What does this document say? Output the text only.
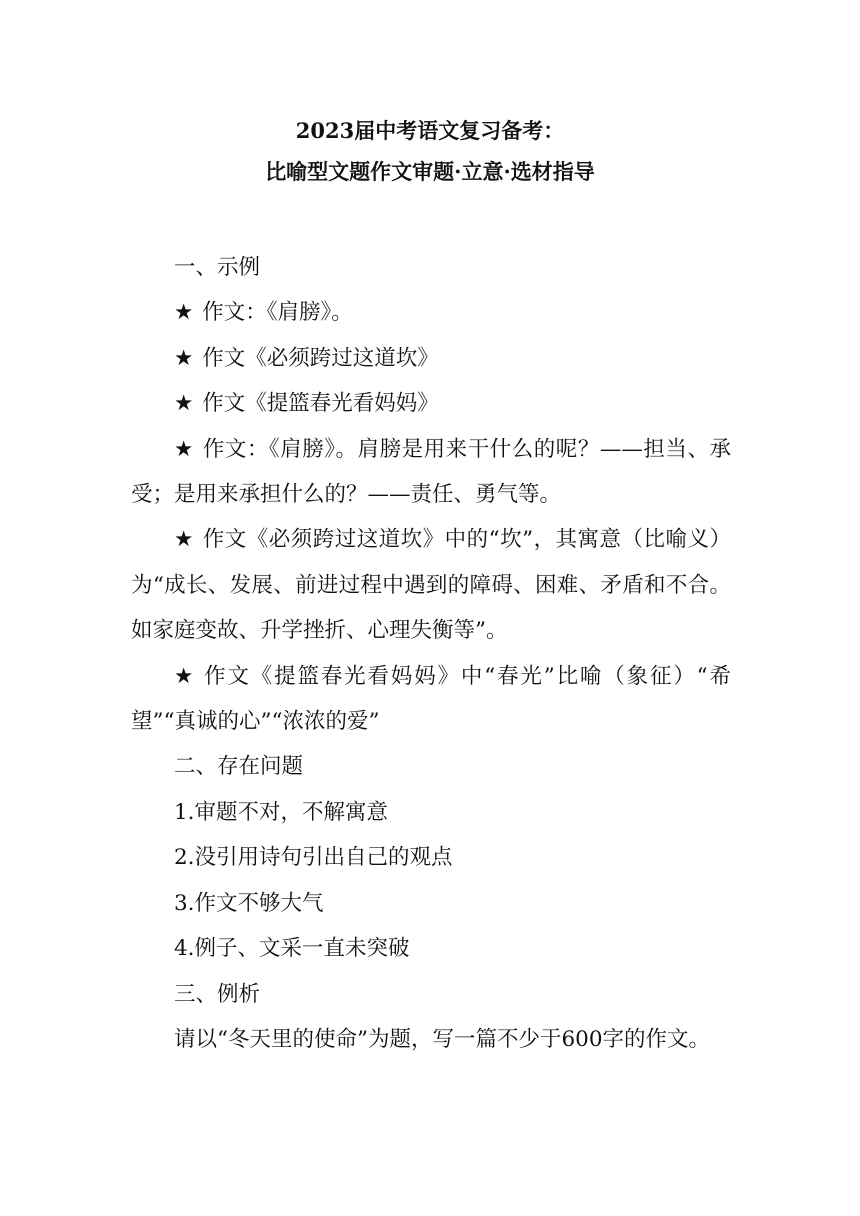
2023届中考语文复习备考：
比喻型文题作文审题·立意·选材指导

一、示例

★ 作文：《肩膀》。

★ 作文《必须跨过这道坎》

★ 作文《提篮春光看妈妈》

★ 作文：《肩膀》。肩膀是用来干什么的呢？——担当、承受；是用来承担什么的？——责任、勇气等。

★ 作文《必须跨过这道坎》中的“坎”，其寓意（比喻义）为“成长、发展、前进过程中遇到的障碍、困难、矛盾和不合。如家庭变故、升学挫折、心理失衡等”。

★ 作文《提篮春光看妈妈》中“春光”比喻（象征）“希望”“真诚的心”“浓浓的爱”

二、存在问题

1.审题不对，不解寓意

2.没引用诗句引出自己的观点

3.作文不够大气

4.例子、文采一直未突破

三、例析

请以“冬天里的使命”为题，写一篇不少于600字的作文。
